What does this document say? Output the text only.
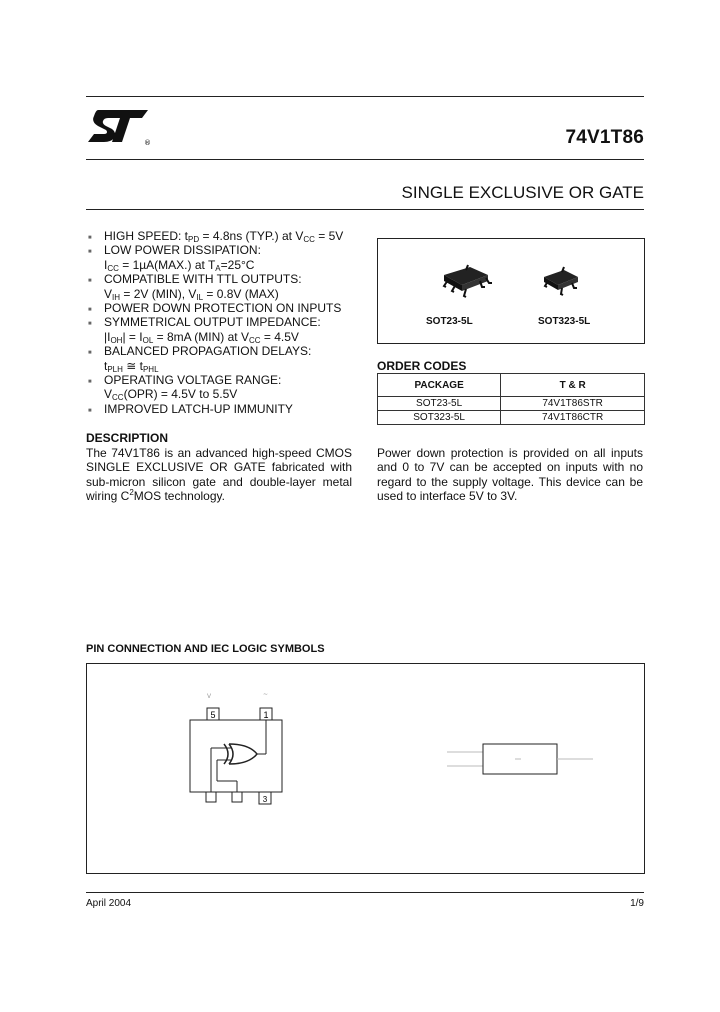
®	74V1T86
SINGLE EXCLUSIVE OR GATE
■ HIGH SPEED: $t_{PD} = 4.8ns$ (TYP.) at $V_{CC} = 5V$
■ LOW POWER DISSIPATION:
$I_{CC} = 1\mu A(MAX.)$ at $T_A=25^\circ C$
■ COMPATIBLE WITH TTL OUTPUTS:
$V_{IH} = 2V$ (MIN), $V_{IL} = 0.8V$ (MAX)
■ POWER DOWN PROTECTION ON INPUTS
■ SYMMETRICAL OUTPUT IMPEDANCE:
$|I_{OH}| = I_{OL} = 8mA$ (MIN) at $V_{CC} = 4.5V$
■ BALANCED PROPAGATION DELAYS:
$t_{PLH}$ ≅ $t_{PHL}$
■ OPERATING VOLTAGE RANGE:
$V_{CC}(OPR) = 4.5V$ to 5.5V
■ IMPROVED LATCH-UP IMMUNITY
SOT23-5L	SOT323-5L
ORDER CODES
PACKAGE	T & R
SOT23-5L	74V1T86STR
SOT323-5L	74V1T86CTR
DESCRIPTION
The 74V1T86 is an advanced high-speed CMOS SINGLE EXCLUSIVE OR GATE fabricated with sub-micron silicon gate and double-layer metal wiring $C^2MOS$ technology.
Power down protection is provided on all inputs and 0 to 7V can be accepted on inputs with no regard to the supply voltage. This device can be used to interface 5V to 3V.
PIN CONNECTION AND IEC LOGIC SYMBOLS
V	~
5	1
3
April 2004	1/9
